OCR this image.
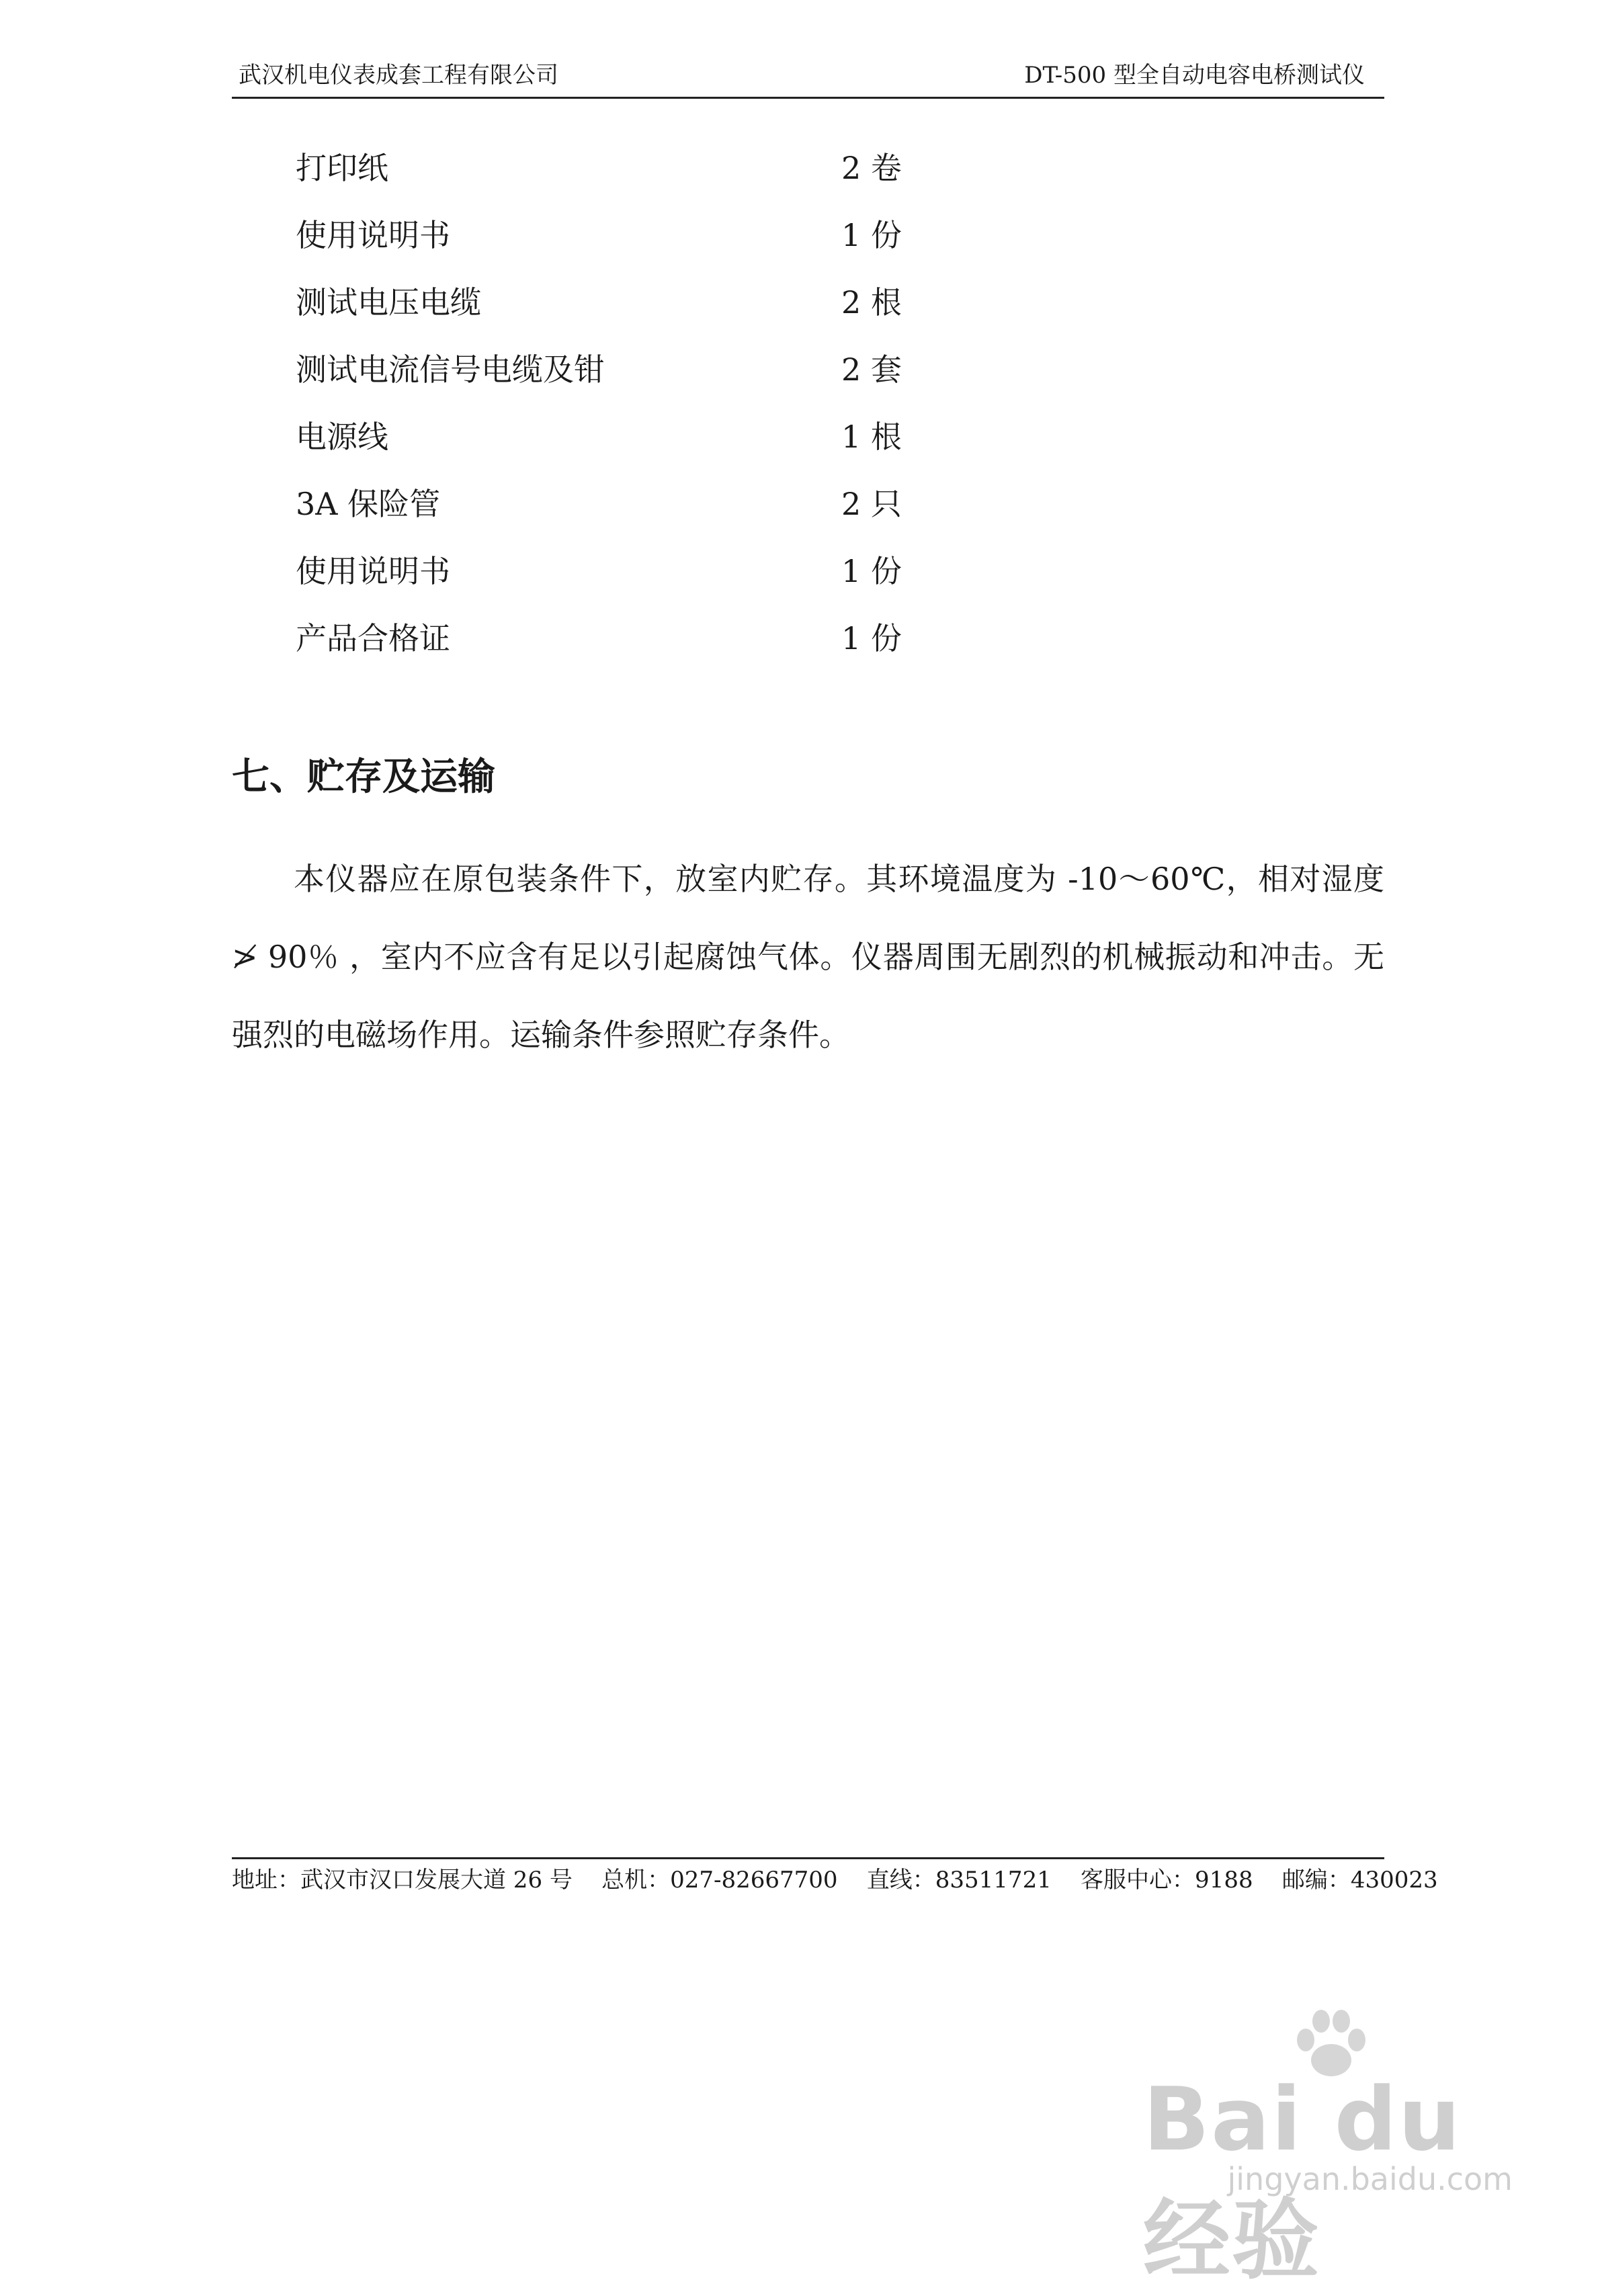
武汉机电仪表成套工程有限公司	DT-500 型全自动电容电桥测试仪
打印纸	2 卷
使用说明书	1 份
测试电压电缆	2 根
测试电流信号电缆及钳	2 套
电源线	1 根
3A 保险管	2 只
使用说明书	1 份
产品合格证	1 份
七、贮存及运输
本仪器应在原包装条件下，放室内贮存。其环境温度为 -10～60℃，相对湿度 ≯ 90％ ，室内不应含有足以引起腐蚀气体。仪器周围无剧烈的机械振动和冲击。无强烈的电磁场作用。运输条件参照贮存条件。
地址：武汉市汉口发展大道 26 号    总机：027-82667700    直线：83511721    客服中心：9188    邮编：430023
Bai du 经验
jingyan.baidu.com
